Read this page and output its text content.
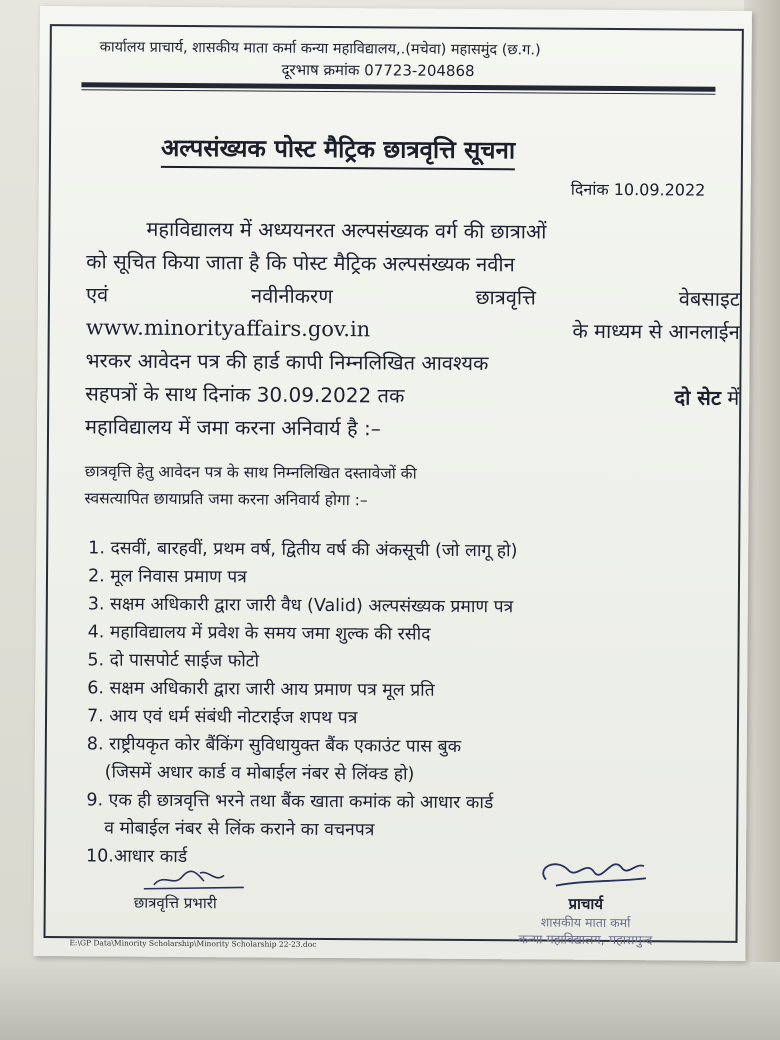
कार्यालय प्राचार्य, शासकीय माता कर्मा कन्या महाविद्यालय,.(मचेवा) महासमुंद (छ.ग.)
दूरभाष क्रमांक 07723-204868
अल्पसंख्यक पोस्ट मैट्रिक छात्रवृत्ति सूचना
दिनांक 10.09.2022
महाविद्यालय में अध्ययनरत अल्पसंख्यक वर्ग की छात्राओं
को सूचित किया जाता है कि पोस्ट मैट्रिक अल्पसंख्यक नवीन
एवं	नवीनीकरण	छात्रवृत्ति	वेबसाइट
www.minorityaffairs.gov.in	के माध्यम से आनलाईन
भरकर आवेदन पत्र की हार्ड कापी निम्नलिखित आवश्यक
सहपत्रों के साथ दिनांक 30.09.2022 तक	दो सेट में
महाविद्यालय में जमा करना अनिवार्य है :–
छात्रवृत्ति हेतु आवेदन पत्र के साथ निम्नलिखित दस्तावेजों की
स्वसत्यापित छायाप्रति जमा करना अनिवार्य होगा :–
1. दसवीं, बारहवीं, प्रथम वर्ष, द्वितीय वर्ष की अंकसूची (जो लागू हो)
2. मूल निवास प्रमाण पत्र
3. सक्षम अधिकारी द्वारा जारी वैध (Valid) अल्पसंख्यक प्रमाण पत्र
4. महाविद्यालय में प्रवेश के समय जमा शुल्क की रसीद
5. दो पासपोर्ट साईज फोटो
6. सक्षम अधिकारी द्वारा जारी आय प्रमाण पत्र मूल प्रति
7. आय एवं धर्म संबंधी नोटराईज शपथ पत्र
8. राष्ट्रीयकृत कोर बैंकिंग सुविधायुक्त बैंक एकाउंट पास बुक
(जिसमें अधार कार्ड व मोबाईल नंबर से लिंक्ड हो)
9. एक ही छात्रवृत्ति भरने तथा बैंक खाता कमांक को आधार कार्ड
व मोबाईल नंबर से लिंक कराने का वचनपत्र
10.आधार कार्ड
छात्रवृत्ति प्रभारी	प्राचार्य
शासकीय माता कर्मा
कन्या महाविद्यालय, महासमुन्द
E:\GP Data\Minority Scholarship\Minority Scholarship 22-23.doc
